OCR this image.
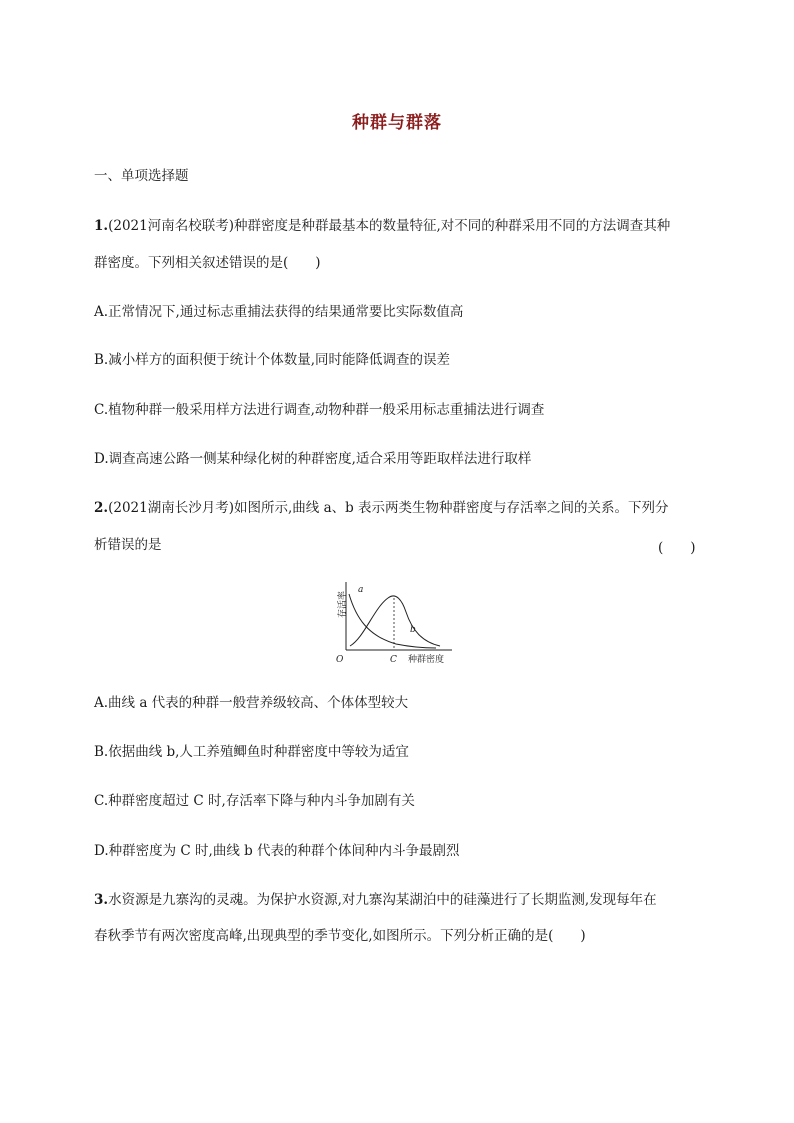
种群与群落
一、单项选择题
1.(2021河南名校联考)种群密度是种群最基本的数量特征,对不同的种群采用不同的方法调查其种
群密度。下列相关叙述错误的是(　　)
A.正常情况下,通过标志重捕法获得的结果通常要比实际数值高
B.减小样方的面积便于统计个体数量,同时能降低调查的误差
C.植物种群一般采用样方法进行调查,动物种群一般采用标志重捕法进行调查
D.调查高速公路一侧某种绿化树的种群密度,适合采用等距取样法进行取样
2.(2021湖南长沙月考)如图所示,曲线 a、b 表示两类生物种群密度与存活率之间的关系。下列分
析错误的是	(　　)
存活率
种群密度
O	C
a
b
A.曲线 a 代表的种群一般营养级较高、个体体型较大
B.依据曲线 b,人工养殖鲫鱼时种群密度中等较为适宜
C.种群密度超过 C 时,存活率下降与种内斗争加剧有关
D.种群密度为 C 时,曲线 b 代表的种群个体间种内斗争最剧烈
3.水资源是九寨沟的灵魂。为保护水资源,对九寨沟某湖泊中的硅藻进行了长期监测,发现每年在
春秋季节有两次密度高峰,出现典型的季节变化,如图所示。下列分析正确的是(　　)
